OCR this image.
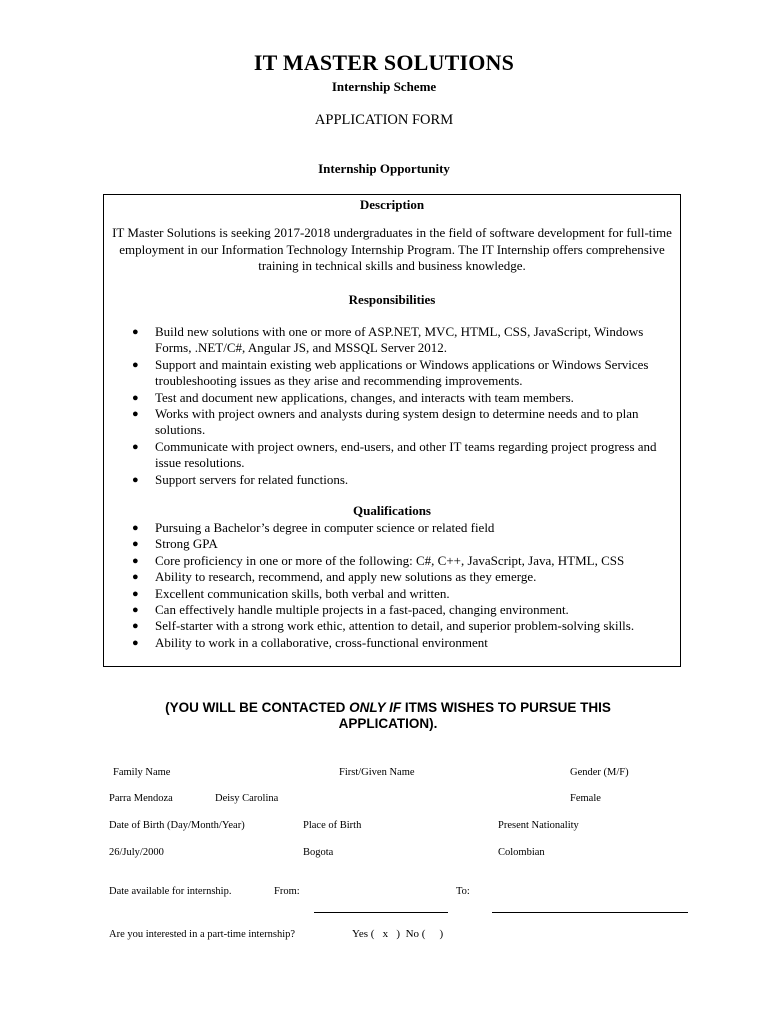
IT MASTER SOLUTIONS
Internship Scheme
APPLICATION FORM
Internship Opportunity
Description
IT Master Solutions is seeking 2017-2018 undergraduates in the field of software development for full-time employment in our Information Technology Internship Program. The IT Internship offers comprehensive training in technical skills and business knowledge.
Responsibilities
● Build new solutions with one or more of ASP.NET, MVC, HTML, CSS, JavaScript, Windows Forms, .NET/C#, Angular JS, and MSSQL Server 2012.
● Support and maintain existing web applications or Windows applications or Windows Services troubleshooting issues as they arise and recommending improvements.
● Test and document new applications, changes, and interacts with team members.
● Works with project owners and analysts during system design to determine needs and to plan solutions.
● Communicate with project owners, end-users, and other IT teams regarding project progress and issue resolutions.
● Support servers for related functions.
Qualifications
● Pursuing a Bachelor’s degree in computer science or related field
● Strong GPA
● Core proficiency in one or more of the following: C#, C++, JavaScript, Java, HTML, CSS
● Ability to research, recommend, and apply new solutions as they emerge.
● Excellent communication skills, both verbal and written.
● Can effectively handle multiple projects in a fast-paced, changing environment.
● Self-starter with a strong work ethic, attention to detail, and superior problem-solving skills.
● Ability to work in a collaborative, cross-functional environment
(YOU WILL BE CONTACTED ONLY IF ITMS WISHES TO PURSUE THIS APPLICATION).
Family Name	First/Given Name	Gender (M/F)
Parra Mendoza	Deisy Carolina	Female
Date of Birth (Day/Month/Year)	Place of Birth	Present Nationality
26/July/2000	Bogota	Colombian
Date available for internship.	From:	To:
Are you interested in a part-time internship?	Yes ( x )  No ( )
